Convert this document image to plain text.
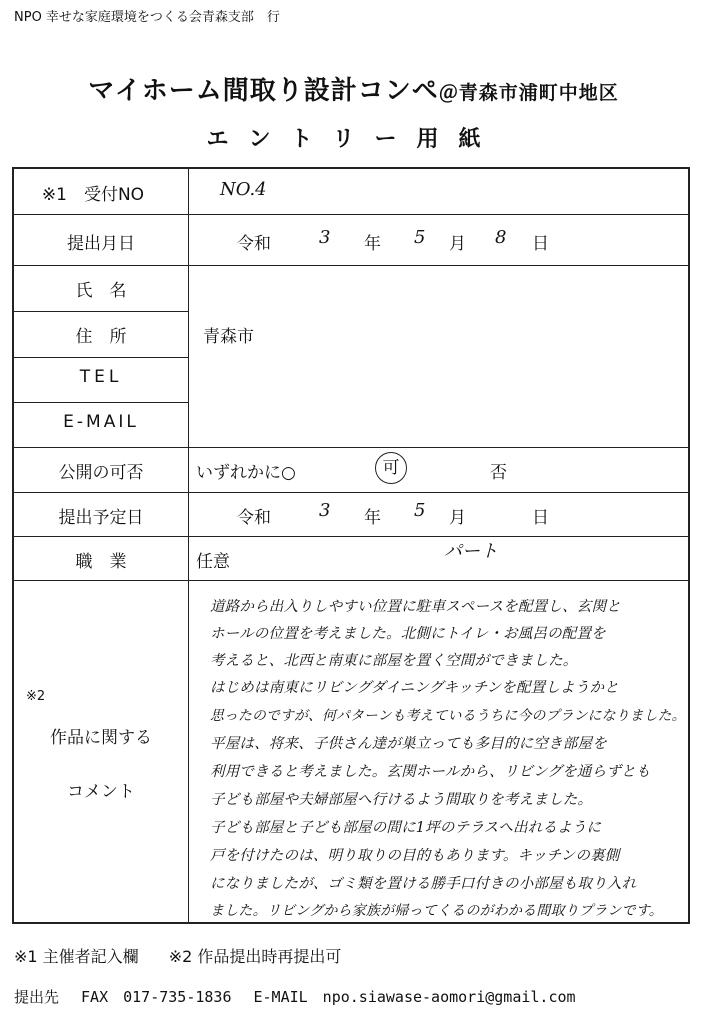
NPO 幸せな家庭環境をつくる会青森支部　行
マイホーム間取り設計コンペ＠青森市浦町中地区
エントリー用紙
※1　受付NO	NO.4
提出月日	令和	3 年 5 月 8 日
氏　名
住　所	青森市
TEL
E-MAIL
公開の可否	いずれかに○	可	否
提出予定日	令和	3 年 5 月	日
職　業	任意	パート
※2
作品に関する
コメント
道路から出入りしやすい位置に駐車スペースを配置し、玄関と
ホールの位置を考えました。北側にトイレ・お風呂の配置を
考えると、北西と南東に部屋を置く空間ができました。
はじめは南東にリビングダイニングキッチンを配置しようかと
思ったのですが、何パターンも考えているうちに今のプランになりました。
平屋は、将来、子供さん達が巣立っても多目的に空き部屋を
利用できると考えました。玄関ホールから、リビングを通らずとも
子ども部屋や夫婦部屋へ行けるよう間取りを考えました。
子ども部屋と子ども部屋の間に1坪のテラスへ出れるように
戸を付けたのは、明り取りの目的もあります。キッチンの裏側
になりましたが、ゴミ類を置ける勝手口付きの小部屋も取り入れ
ました。リビングから家族が帰ってくるのがわかる間取りプランです。
※1 主催者記入欄 ※2 作品提出時再提出可
提出先 FAX　017-735-1836 E-MAIL　npo.siawase-aomori@gmail.com
